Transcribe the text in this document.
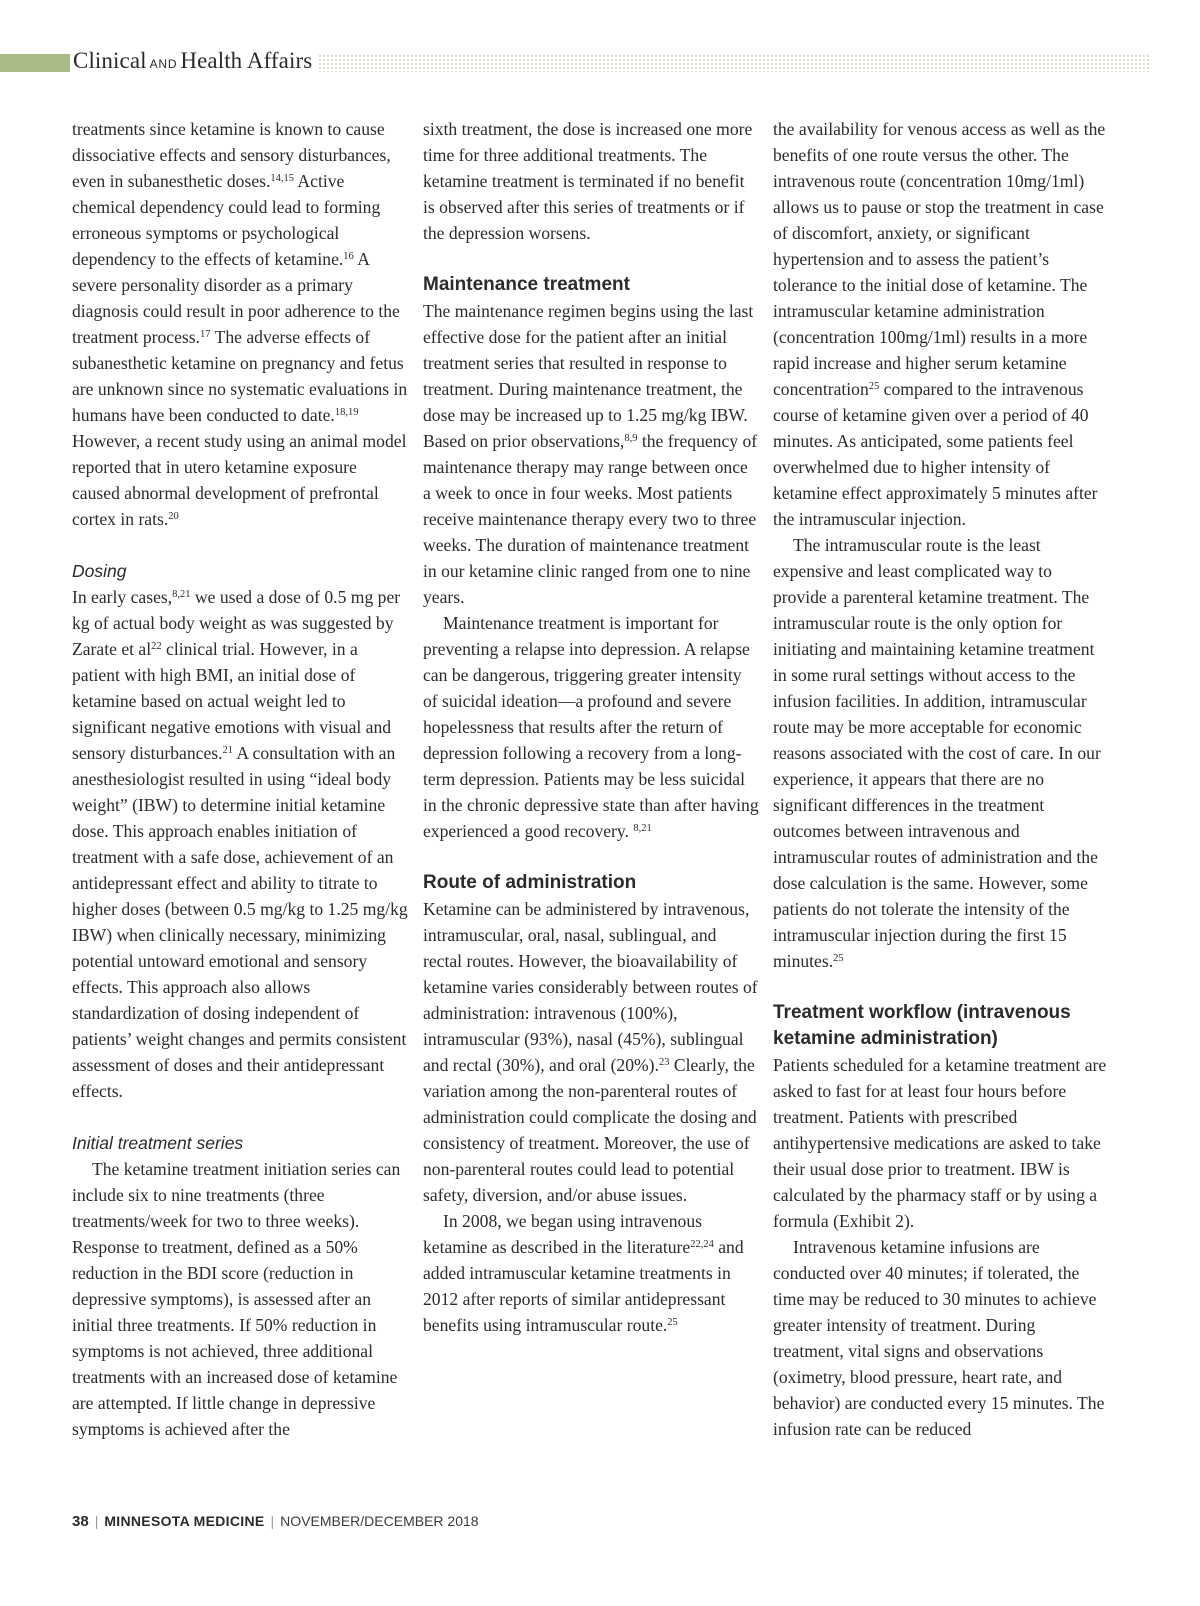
Clinical AND Health Affairs

treatments since ketamine is known to cause dissociative effects and sensory disturbances, even in subanesthetic doses.$^{14,15}$ Active chemical dependency could lead to forming erroneous symptoms or psychological dependency to the effects of ketamine.$^{16}$ A severe personality disorder as a primary diagnosis could result in poor adherence to the treatment process.$^{17}$ The adverse effects of subanesthetic ketamine on pregnancy and fetus are unknown since no systematic evaluations in humans have been conducted to date.$^{18,19}$ However, a recent study using an animal model reported that in utero ketamine exposure caused abnormal development of prefrontal cortex in rats.$^{20}$

Dosing

In early cases,$^{8,21}$ we used a dose of 0.5 mg per kg of actual body weight as was suggested by Zarate et $al^{22}$ clinical trial. However, in a patient with high BMI, an initial dose of ketamine based on actual weight led to significant negative emotions with visual and sensory disturbances.$^{21}$ A consultation with an anesthesiologist resulted in using “ideal body weight” (IBW) to determine initial ketamine dose. This approach enables initiation of treatment with a safe dose, achievement of an antidepressant effect and ability to titrate to higher doses (between 0.5 mg/kg to 1.25 mg/kg IBW) when clinically necessary, minimizing potential untoward emotional and sensory effects. This approach also allows standardization of dosing independent of patients’ weight changes and permits consistent assessment of doses and their antidepressant effects.

Initial treatment series

The ketamine treatment initiation series can include six to nine treatments (three treatments/week for two to three weeks). Response to treatment, defined as a 50% reduction in the BDI score (reduction in depressive symptoms), is assessed after an initial three treatments. If 50% reduction in symptoms is not achieved, three additional treatments with an increased dose of ketamine are attempted. If little change in depressive symptoms is achieved after the

sixth treatment, the dose is increased one more time for three additional treatments. The ketamine treatment is terminated if no benefit is observed after this series of treatments or if the depression worsens.

Maintenance treatment

The maintenance regimen begins using the last effective dose for the patient after an initial treatment series that resulted in response to treatment. During maintenance treatment, the dose may be increased up to 1.25 mg/kg IBW. Based on prior observations,$^{8,9}$ the frequency of maintenance therapy may range between once a week to once in four weeks. Most patients receive maintenance therapy every two to three weeks. The duration of maintenance treatment in our ketamine clinic ranged from one to nine years.

Maintenance treatment is important for preventing a relapse into depression. A relapse can be dangerous, triggering greater intensity of suicidal ideation—a profound and severe hopelessness that results after the return of depression following a recovery from a long-term depression. Patients may be less suicidal in the chronic depressive state than after having experienced a good recovery. $^{8,21}$

Route of administration

Ketamine can be administered by intravenous, intramuscular, oral, nasal, sublingual, and rectal routes. However, the bioavailability of ketamine varies considerably between routes of administration: intravenous (100%), intramuscular (93%), nasal (45%), sublingual and rectal (30%), and oral (20%).$^{23}$ Clearly, the variation among the non-parenteral routes of administration could complicate the dosing and consistency of treatment. Moreover, the use of non-parenteral routes could lead to potential safety, diversion, and/or abuse issues.

In 2008, we began using intravenous ketamine as described in the literature$^{22,24}$ and added intramuscular ketamine treatments in 2012 after reports of similar antidepressant benefits using intramuscular route.$^{25}$

the availability for venous access as well as the benefits of one route versus the other. The intravenous route (concentration 10mg/1ml) allows us to pause or stop the treatment in case of discomfort, anxiety, or significant hypertension and to assess the patient’s tolerance to the initial dose of ketamine. The intramuscular ketamine administration (concentration 100mg/1ml) results in a more rapid increase and higher serum ketamine concentration$^{25}$ compared to the intravenous course of ketamine given over a period of 40 minutes. As anticipated, some patients feel overwhelmed due to higher intensity of ketamine effect approximately 5 minutes after the intramuscular injection.

The intramuscular route is the least expensive and least complicated way to provide a parenteral ketamine treatment. The intramuscular route is the only option for initiating and maintaining ketamine treatment in some rural settings without access to the infusion facilities. In addition, intramuscular route may be more acceptable for economic reasons associated with the cost of care. In our experience, it appears that there are no significant differences in the treatment outcomes between intravenous and intramuscular routes of administration and the dose calculation is the same. However, some patients do not tolerate the intensity of the intramuscular injection during the first 15 minutes.$^{25}$

Treatment workflow (intravenous ketamine administration)

Patients scheduled for a ketamine treatment are asked to fast for at least four hours before treatment. Patients with prescribed antihypertensive medications are asked to take their usual dose prior to treatment. IBW is calculated by the pharmacy staff or by using a formula (Exhibit 2).

Intravenous ketamine infusions are conducted over 40 minutes; if tolerated, the time may be reduced to 30 minutes to achieve greater intensity of treatment. During treatment, vital signs and observations (oximetry, blood pressure, heart rate, and behavior) are conducted every 15 minutes. The infusion rate can be reduced

38 | MINNESOTA MEDICINE | NOVEMBER/DECEMBER 2018
